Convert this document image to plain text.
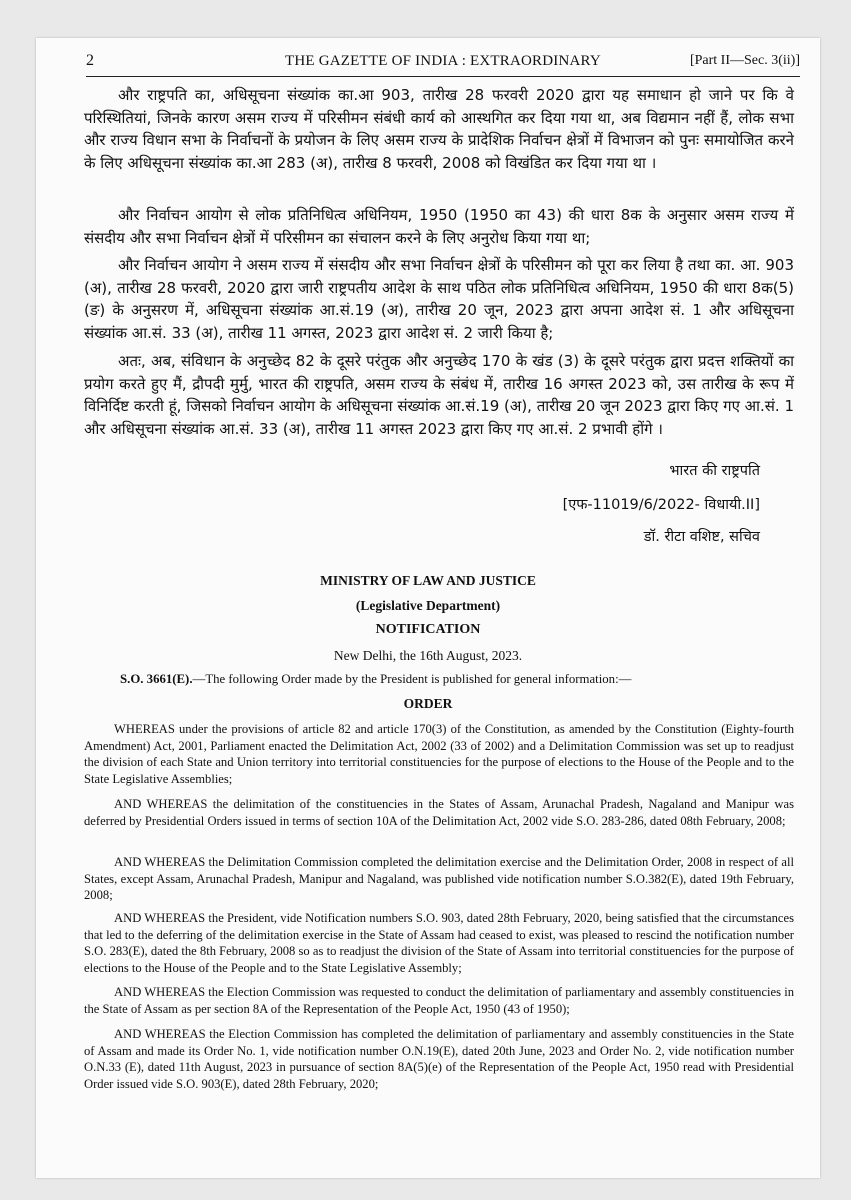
2	THE GAZETTE OF INDIA : EXTRAORDINARY	[Part II—Sec. 3(ii)]

और राष्ट्रपति का, अधिसूचना संख्यांक का.आ 903, तारीख 28 फरवरी 2020 द्वारा यह समाधान हो जाने पर कि वे परिस्थितियां, जिनके कारण असम राज्य में परिसीमन संबंधी कार्य को आस्थगित कर दिया गया था, अब विद्यमान नहीं हैं, लोक सभा और राज्य विधान सभा के निर्वाचनों के प्रयोजन के लिए असम राज्य के प्रादेशिक निर्वाचन क्षेत्रों में विभाजन को पुनः समायोजित करने के लिए अधिसूचना संख्यांक का.आ 283 (अ), तारीख 8 फरवरी, 2008 को विखंडित कर दिया गया था ।

और निर्वाचन आयोग से लोक प्रतिनिधित्व अधिनियम, 1950 (1950 का 43) की धारा 8क के अनुसार असम राज्य में संसदीय और सभा निर्वाचन क्षेत्रों में परिसीमन का संचालन करने के लिए अनुरोध किया गया था;

और निर्वाचन आयोग ने असम राज्य में संसदीय और सभा निर्वाचन क्षेत्रों के परिसीमन को पूरा कर लिया है तथा का. आ. 903 (अ), तारीख 28 फरवरी, 2020 द्वारा जारी राष्ट्रपतीय आदेश के साथ पठित लोक प्रतिनिधित्व अधिनियम, 1950 की धारा 8क(5)(ङ) के अनुसरण में, अधिसूचना संख्यांक आ.सं.19 (अ), तारीख 20 जून, 2023 द्वारा अपना आदेश सं. 1 और अधिसूचना संख्यांक आ.सं. 33 (अ), तारीख 11 अगस्त, 2023 द्वारा आदेश सं. 2 जारी किया है;

अतः, अब, संविधान के अनुच्छेद 82 के दूसरे परंतुक और अनुच्छेद 170 के खंड (3) के दूसरे परंतुक द्वारा प्रदत्त शक्तियों का प्रयोग करते हुए मैं, द्रौपदी मुर्मु, भारत की राष्ट्रपति, असम राज्य के संबंध में, तारीख 16 अगस्त 2023 को, उस तारीख के रूप में विनिर्दिष्ट करती हूं, जिसको निर्वाचन आयोग के अधिसूचना संख्यांक आ.सं.19 (अ), तारीख 20 जून 2023 द्वारा किए गए आ.सं. 1 और अधिसूचना संख्यांक आ.सं. 33 (अ), तारीख 11 अगस्त 2023 द्वारा किए गए आ.सं. 2 प्रभावी होंगे ।

भारत की राष्ट्रपति

[एफ-11019/6/2022- विधायी.II]

डॉ. रीटा वशिष्ट, सचिव

MINISTRY OF LAW AND JUSTICE

(Legislative Department)

NOTIFICATION

New Delhi, the 16th August, 2023.

S.O. 3661(E).—The following Order made by the President is published for general information:—

ORDER

WHEREAS under the provisions of article 82 and article 170(3) of the Constitution, as amended by the Constitution (Eighty-fourth Amendment) Act, 2001, Parliament enacted the Delimitation Act, 2002 (33 of 2002) and a Delimitation Commission was set up to readjust the division of each State and Union territory into territorial constituencies for the purpose of elections to the House of the People and to the State Legislative Assemblies;

AND WHEREAS the delimitation of the constituencies in the States of Assam, Arunachal Pradesh, Nagaland and Manipur was deferred by Presidential Orders issued in terms of section 10A of the Delimitation Act, 2002 vide S.O. 283-286, dated 08th February, 2008;

AND WHEREAS the Delimitation Commission completed the delimitation exercise and the Delimitation Order, 2008 in respect of all States, except Assam, Arunachal Pradesh, Manipur and Nagaland, was published vide notification number S.O.382(E), dated 19th February, 2008;

AND WHEREAS the President, vide Notification numbers S.O. 903, dated 28th February, 2020, being satisfied that the circumstances that led to the deferring of the delimitation exercise in the State of Assam had ceased to exist, was pleased to rescind the notification number S.O. 283(E), dated the 8th February, 2008 so as to readjust the division of the State of Assam into territorial constituencies for the purpose of elections to the House of the People and to the State Legislative Assembly;

AND WHEREAS the Election Commission was requested to conduct the delimitation of parliamentary and assembly constituencies in the State of Assam as per section 8A of the Representation of the People Act, 1950 (43 of 1950);

AND WHEREAS the Election Commission has completed the delimitation of parliamentary and assembly constituencies in the State of Assam and made its Order No. 1, vide notification number O.N.19(E), dated 20th June, 2023 and Order No. 2, vide notification number O.N.33 (E), dated 11th August, 2023 in pursuance of section 8A(5)(e) of the Representation of the People Act, 1950 read with Presidential Order issued vide S.O. 903(E), dated 28th February, 2020;
